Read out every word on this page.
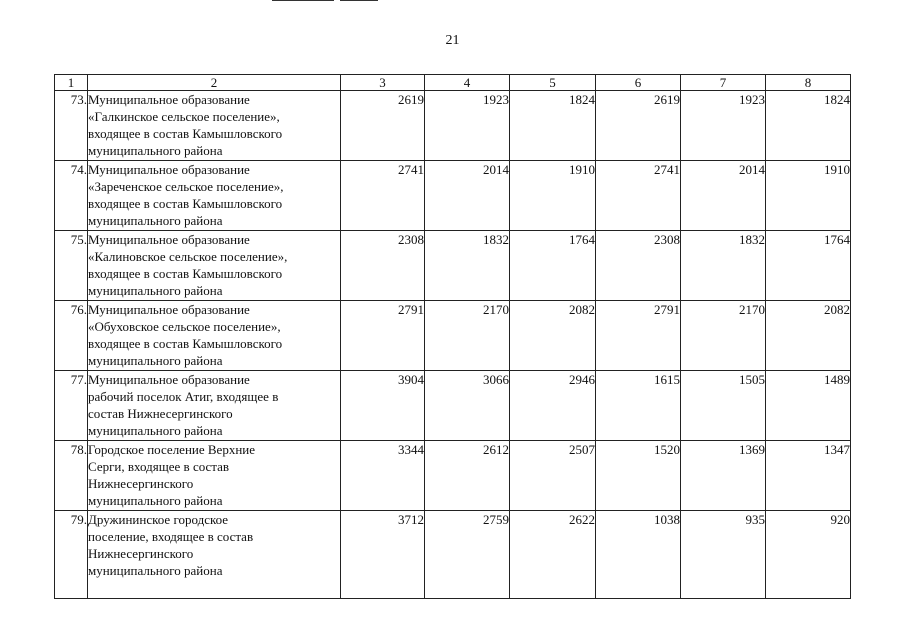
21
1	2	3	4	5	6	7	8
73.	Муниципальное образование
«Галкинское сельское поселение»,
входящее в состав Камышловского
муниципального района	2619	1923	1824	2619	1923	1824
74.	Муниципальное образование
«Зареченское сельское поселение»,
входящее в состав Камышловского
муниципального района	2741	2014	1910	2741	2014	1910
75.	Муниципальное образование
«Калиновское сельское поселение»,
входящее в состав Камышловского
муниципального района	2308	1832	1764	2308	1832	1764
76.	Муниципальное образование
«Обуховское сельское поселение»,
входящее в состав Камышловского
муниципального района	2791	2170	2082	2791	2170	2082
77.	Муниципальное образование
рабочий поселок Атиг, входящее в
состав Нижнесергинского
муниципального района	3904	3066	2946	1615	1505	1489
78.	Городское поселение Верхние
Серги, входящее в состав
Нижнесергинского
муниципального района	3344	2612	2507	1520	1369	1347
79.	Дружининское городское
поселение, входящее в состав
Нижнесергинского
муниципального района	3712	2759	2622	1038	935	920
